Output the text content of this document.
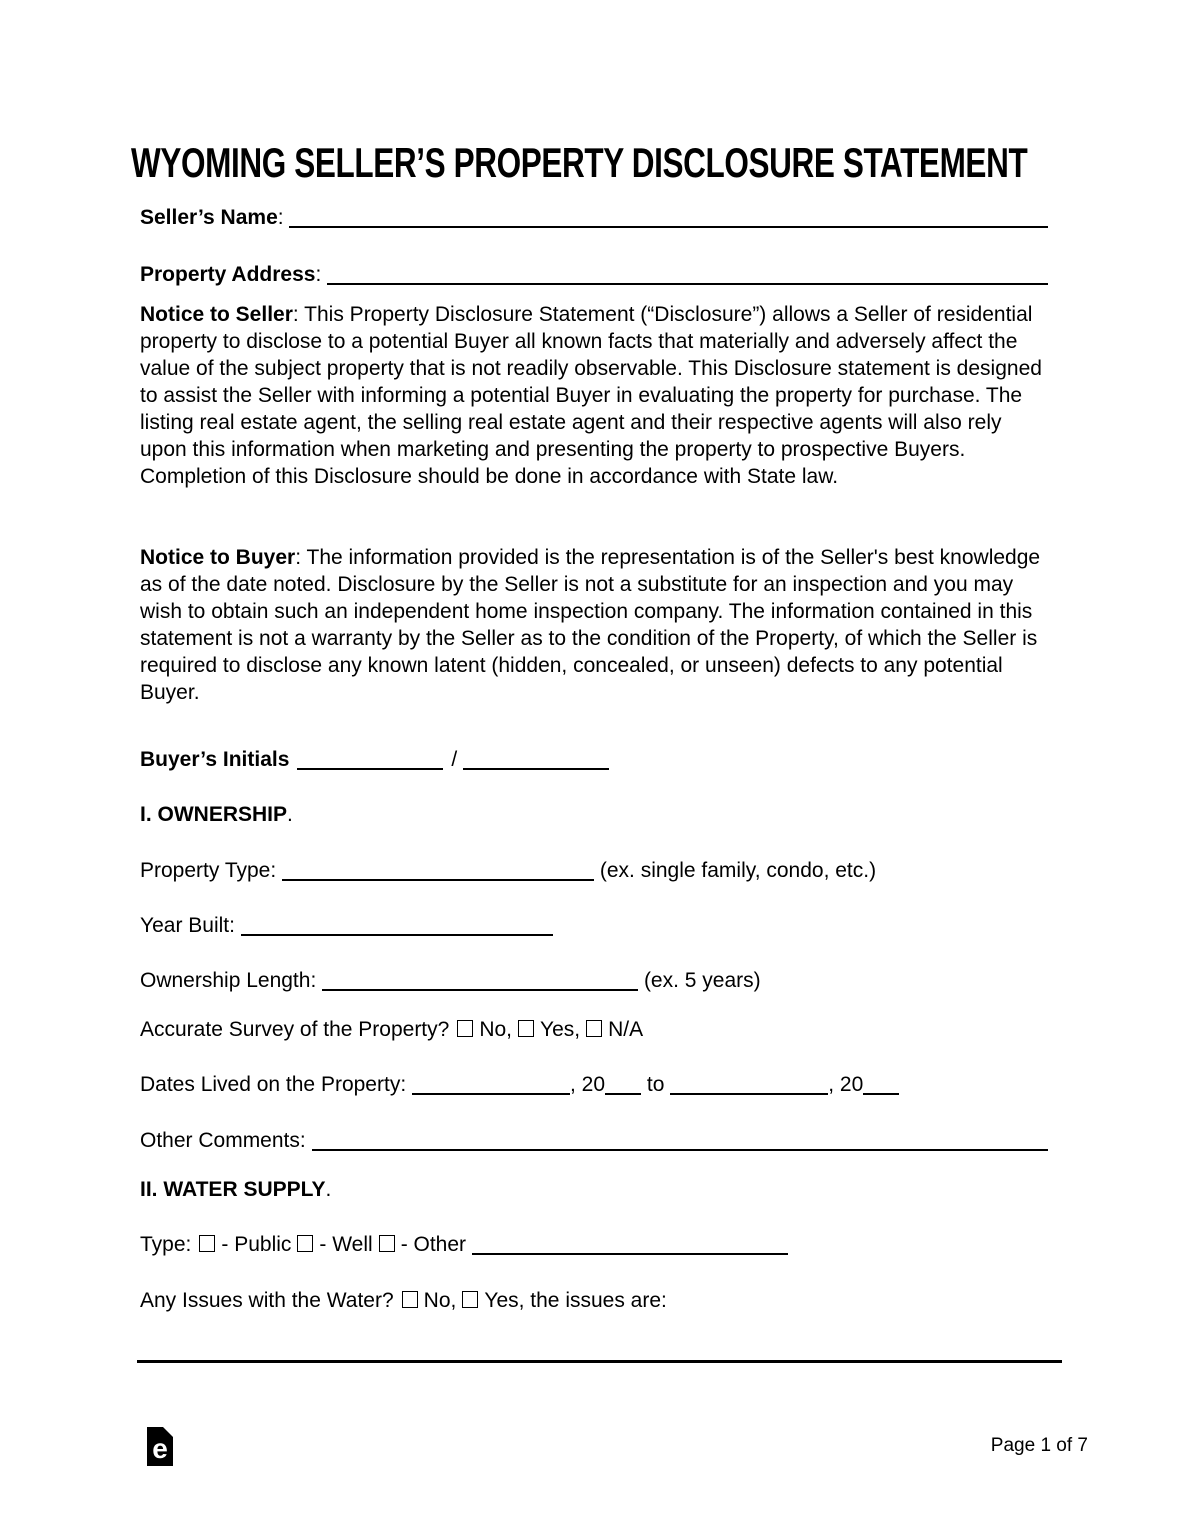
WYOMING SELLER’S PROPERTY DISCLOSURE STATEMENT
Seller’s Name :
Property Address :

Notice to Seller: This Property Disclosure Statement (“Disclosure”) allows a Seller of residential property to disclose to a potential Buyer all known facts that materially and adversely affect the value of the subject property that is not readily observable. This Disclosure statement is designed to assist the Seller with informing a potential Buyer in evaluating the property for purchase. The listing real estate agent, the selling real estate agent and their respective agents will also rely upon this information when marketing and presenting the property to prospective Buyers. Completion of this Disclosure should be done in accordance with State law.

Notice to Buyer: The information provided is the representation is of the Seller's best knowledge as of the date noted. Disclosure by the Seller is not a substitute for an inspection and you may wish to obtain such an independent home inspection company. The information contained in this statement is not a warranty by the Seller as to the condition of the Property, of which the Seller is required to disclose any known latent (hidden, concealed, or unseen) defects to any potential Buyer.

Buyer’s Initials	/
I. OWNERSHIP .
Property Type:	(ex. single family, condo, etc.)
Year Built:
Ownership Length:	(ex. 5 years)
Accurate Survey of the Property? No, Yes, N/A
Dates Lived on the Property:	, 20 to	, 20
Other Comments:
II. WATER SUPPLY .
Type: - Public - Well - Other
Any Issues with the Water? No, Yes, the issues are:
e	Page 1 of 7
